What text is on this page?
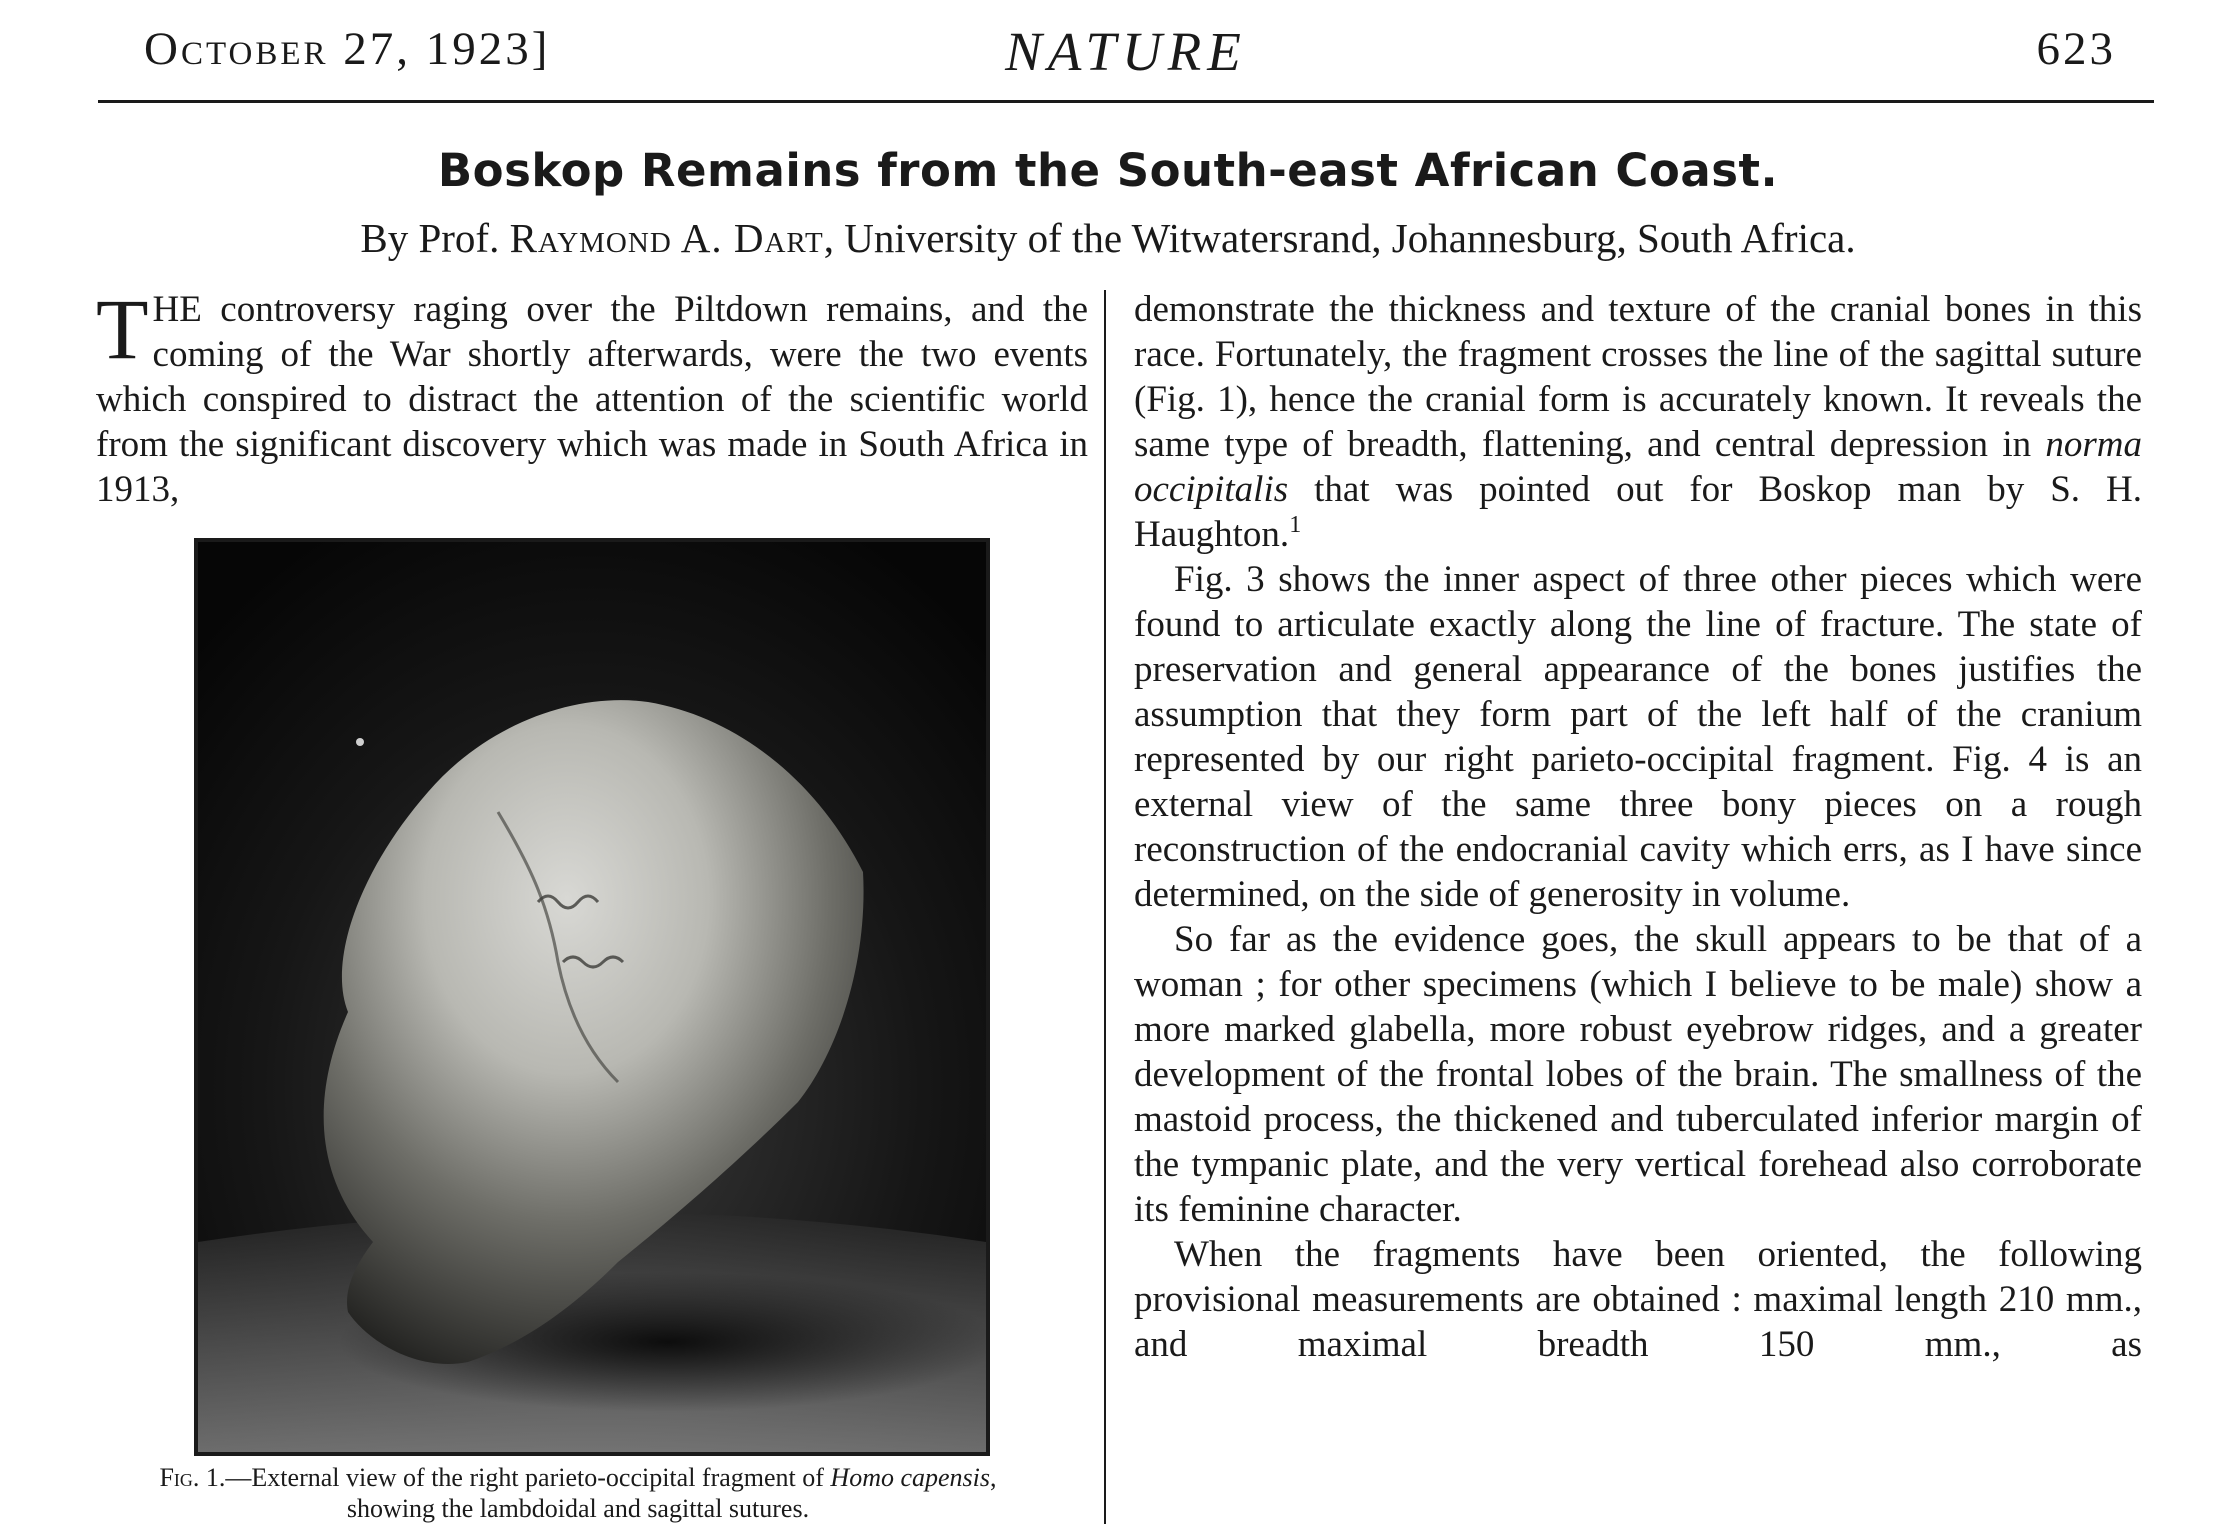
October 27, 1923]	NATURE	623
Boskop Remains from the South-east African Coast.
By Prof. Raymond A. Dart, University of the Witwatersrand, Johannesburg, South Africa.

THE controversy raging over the Piltdown remains, and the coming of the War shortly afterwards, were the two events which conspired to distract the attention of the scientific world from the significant discovery which was made in South Africa in 1913,

Fig. 1.—External view of the right parieto-occipital fragment of Homo capensis, showing the lambdoidal and sagittal sutures.

demonstrate the thickness and texture of the cranial bones in this race. Fortunately, the fragment crosses the line of the sagittal suture (Fig. 1), hence the cranial form is accurately known. It reveals the same type of breadth, flattening, and central depression in norma occipitalis that was pointed out for Boskop man by S. H. Haughton.$^1$

Fig. 3 shows the inner aspect of three other pieces which were found to articulate exactly along the line of fracture. The state of preservation and general appearance of the bones justifies the assumption that they form part of the left half of the cranium represented by our right parieto-occipital fragment. Fig. 4 is an external view of the same three bony pieces on a rough reconstruction of the endocranial cavity which errs, as I have since determined, on the side of generosity in volume.

So far as the evidence goes, the skull appears to be that of a woman ; for other specimens (which I believe to be male) show a more marked glabella, more robust eyebrow ridges, and a greater development of the frontal lobes of the brain. The smallness of the mastoid process, the thickened and tuberculated inferior margin of the tympanic plate, and the very vertical forehead also corroborate its feminine character.

When the fragments have been oriented, the following provisional measurements are obtained : maximal length 210 mm., and maximal breadth 150 mm., as
